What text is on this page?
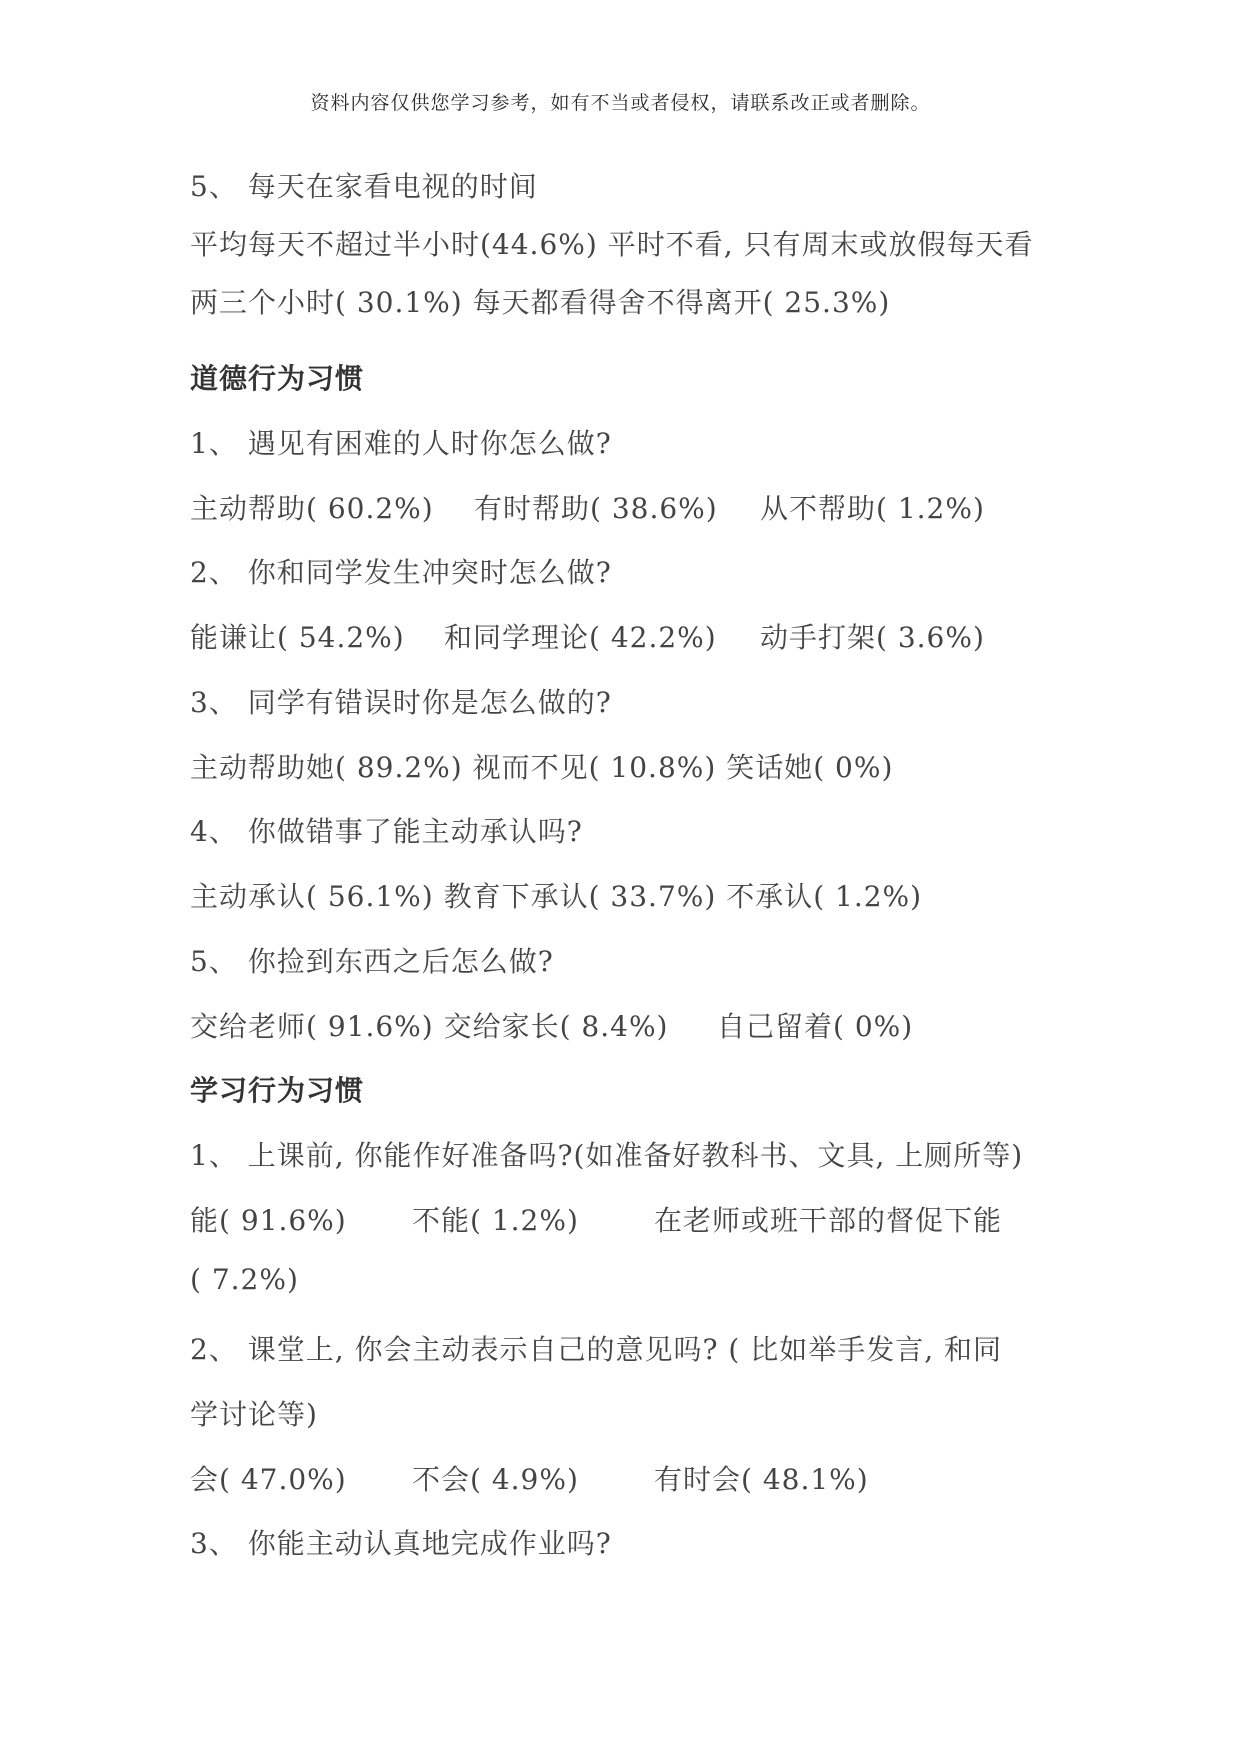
资料内容仅供您学习参考，如有不当或者侵权，请联系改正或者删除。
5、 每天在家看电视的时间
平均每天不超过半小时(44.6%) 平时不看, 只有周末或放假每天看
两三个小时( 30.1%) 每天都看得舍不得离开( 25.3%)
道德行为习惯
1、 遇见有困难的人时你怎么做?
主动帮助( 60.2%) 有时帮助( 38.6%) 从不帮助( 1.2%)
2、 你和同学发生冲突时怎么做?
能谦让( 54.2%) 和同学理论( 42.2%) 动手打架( 3.6%)
3、 同学有错误时你是怎么做的?
主动帮助她( 89.2%) 视而不见( 10.8%) 笑话她( 0%)
4、 你做错事了能主动承认吗?
主动承认( 56.1%) 教育下承认( 33.7%) 不承认( 1.2%)
5、 你捡到东西之后怎么做?
交给老师( 91.6%) 交给家长( 8.4%) 自己留着( 0%)
学习行为习惯
1、 上课前, 你能作好准备吗?(如准备好教科书、文具, 上厕所等)
能( 91.6%) 不能( 1.2%)	在老师或班干部的督促下能
( 7.2%)
2、 课堂上, 你会主动表示自己的意见吗? ( 比如举手发言, 和同
学讨论等)
会( 47.0%) 不会( 4.9%)	有时会( 48.1%)
3、 你能主动认真地完成作业吗?
